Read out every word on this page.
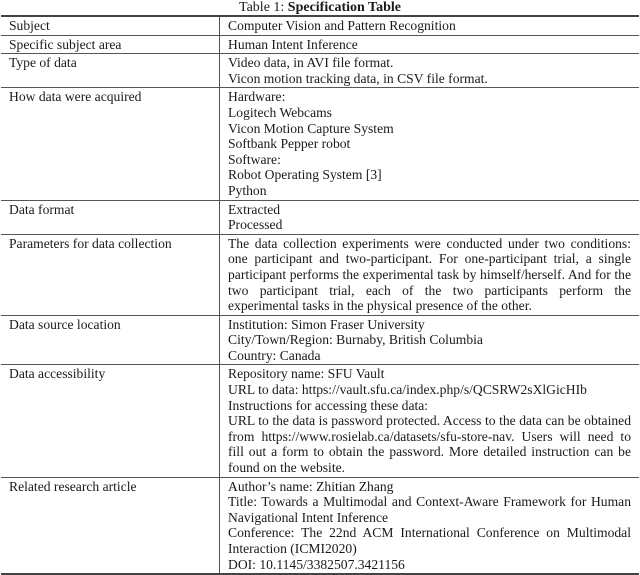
Table 1: Specification Table

Subject	Computer Vision and Pattern Recognition

Specific subject area	Human Intent Inference

Type of data	Video data, in AVI file format.
Vicon motion tracking data, in CSV file format.

How data were acquired	Hardware:
Logitech Webcams
Vicon Motion Capture System
Softbank Pepper robot
Software:
Robot Operating System [3]
Python

Data format	Extracted
Processed

Parameters for data collection	The data collection experiments were conducted under two conditions: one participant and two-participant. For one-participant trial, a single participant performs the experimental task by himself/herself. And for the two participant trial, each of the two participants perform the experimental tasks in the physical presence of the other.

Data source location	Institution: Simon Fraser University
City/Town/Region: Burnaby, British Columbia
Country: Canada

Data accessibility	Repository name: SFU Vault
URL to data: https://vault.sfu.ca/index.php/s/QCSRW2sXlGicHIb
Instructions for accessing these data:
URL to the data is password protected. Access to the data can be obtained from https://www.rosielab.ca/datasets/sfu-store-nav. Users will need to fill out a form to obtain the password. More detailed instruction can be found on the website.

Related research article	Author’s name: Zhitian Zhang
Title: Towards a Multimodal and Context-Aware Framework for Human Navigational Intent Inference
Conference: The 22nd ACM International Conference on Multimodal Interaction (ICMI2020)
DOI: 10.1145/3382507.3421156
